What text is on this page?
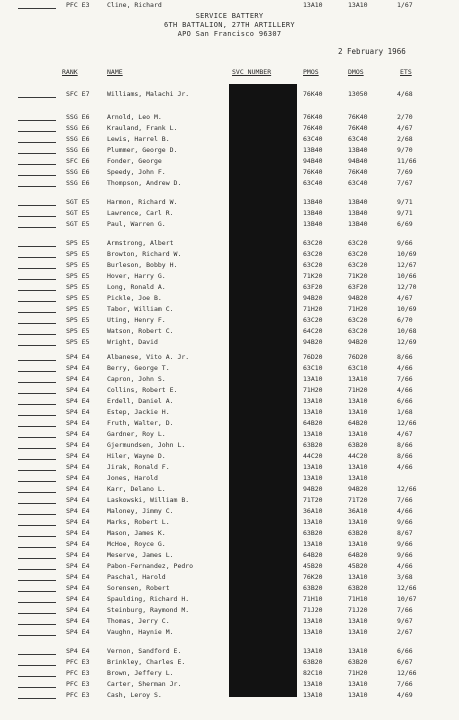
SERVICE BATTERY
6TH BATTALION, 27TH ARTILLERY
APO San Francisco 96307
2 February 1966
RANK	NAME	SVC NUMBER	PMOS	DMOS	ETS
SFC E7	Williams, Malachi Jr.	76K40	13050	4/68
SSG E6	Arnold, Leo M.	76K40	76K40	2/70
SSG E6	Krauland, Frank L.	76K40	76K40	4/67
SSG E6	Lewis, Harrel B.	63C40	63C40	2/68
SSG E6	Plummer, George D.	13B40	13B40	9/70
SFC E6	Fonder, George	94B40	94B40	11/66
SSG E6	Speedy, John F.	76K40	76K40	7/69
SSG E6	Thompson, Andrew D.	63C40	63C40	7/67
SGT E5	Harmon, Richard W.	13B40	13B40	9/71
SGT E5	Lawrence, Carl R.	13B40	13B40	9/71
SGT E5	Paul, Warren G.	13B40	13B40	6/69
SP5 E5	Armstrong, Albert	63C20	63C20	9/66
SP5 E5	Browton, Richard W.	63C20	63C20	10/69
SP5 E5	Burleson, Bobby H.	63C20	63C20	12/67
SP5 E5	Hover, Harry G.	71K20	71K20	10/66
SP5 E5	Long, Ronald A.	63F20	63F20	12/70
SP5 E5	Pickle, Joe B.	94B20	94B20	4/67
SP5 E5	Tabor, William C.	71H20	71H20	10/69
SP5 E5	Uting, Henry F.	63C20	63C20	6/70
SP5 E5	Watson, Robert C.	64C20	63C20	10/68
SP5 E5	Wright, David	94B20	94B20	12/69
SP4 E4	Albanese, Vito A. Jr.	76D20	76D20	8/66
SP4 E4	Berry, George T.	63C10	63C10	4/66
SP4 E4	Capron, John S.	13A10	13A10	7/66
SP4 E4	Collins, Robert E.	71H20	71H20	4/66
SP4 E4	Erdell, Daniel A.	13A10	13A10	6/66
SP4 E4	Estep, Jackie H.	13A10	13A10	1/68
SP4 E4	Fruth, Walter, D.	64B20	64B20	12/66
SP4 E4	Gardner, Roy L.	13A10	13A10	4/67
SP4 E4	Gjermundsen, John L.	63B20	63B20	8/66
SP4 E4	Hiler, Wayne D.	44C20	44C20	8/66
SP4 E4	Jirak, Ronald F.	13A10	13A10	4/66
SP4 E4	Jones, Harold	13A10	13A10
SP4 E4	Karr, Delano L.	94B20	94B20	12/66
SP4 E4	Laskowski, William B.	71T20	71T20	7/66
SP4 E4	Maloney, Jimmy C.	36A10	36A10	4/66
SP4 E4	Marks, Robert L.	13A10	13A10	9/66
SP4 E4	Mason, James K.	63B20	63B20	8/67
SP4 E4	McHoe, Royce G.	13A10	13A10	9/66
SP4 E4	Meserve, James L.	64B20	64B20	9/66
SP4 E4	Pabon-Fernandez, Pedro	45B20	45B20	4/66
SP4 E4	Paschal, Harold	76K20	13A10	3/68
SP4 E4	Sorensen, Robert	63B20	63B20	12/66
SP4 E4	Spaulding, Richard H.	71H10	71H10	10/67
SP4 E4	Steinburg, Raymond M.	71J20	71J20	7/66
SP4 E4	Thomas, Jerry C.	13A10	13A10	9/67
SP4 E4	Vaughn, Haynie M.	13A10	13A10	2/67
SP4 E4	Vernon, Sandford E.	13A10	13A10	6/66
PFC E3	Brinkley, Charles E.	63B20	63B20	6/67
PFC E3	Brown, Jeffery L.	82C10	71H20	12/66
PFC E3	Carter, Sherman Jr.	13A10	13A10	7/66
PFC E3	Cash, Leroy S.	13A10	13A10	4/69
PFC E3	Cline, Richard	13A10	13A10	1/67
